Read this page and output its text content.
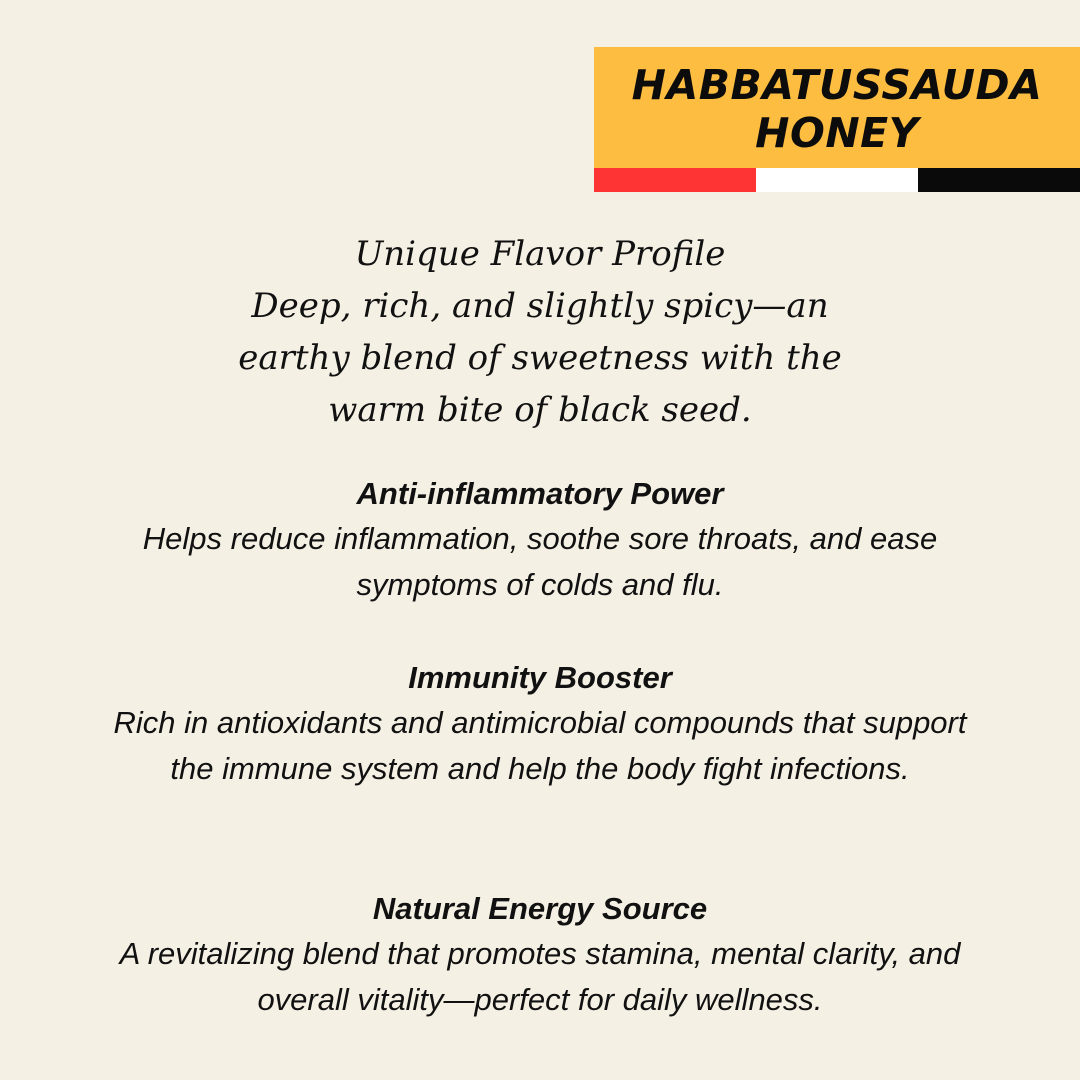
HABBATUSSAUDA
HONEY
Unique Flavor Profile
Deep, rich, and slightly spicy—an earthy blend of sweetness with the warm bite of black seed.
Anti-inflammatory Power
Helps reduce inflammation, soothe sore throats, and ease symptoms of colds and flu.
Immunity Booster
Rich in antioxidants and antimicrobial compounds that support the immune system and help the body fight infections.
Natural Energy Source
A revitalizing blend that promotes stamina, mental clarity, and overall vitality—perfect for daily wellness.
